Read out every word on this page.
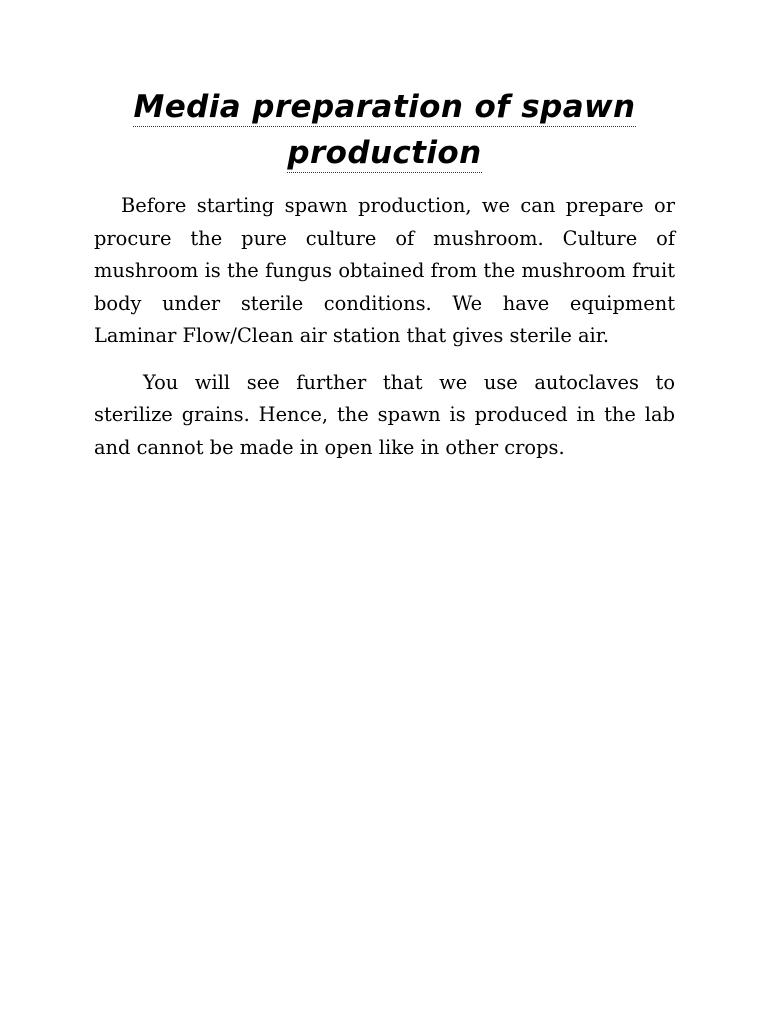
Media preparation of spawn
production

Before starting spawn production, we can prepare or procure the pure culture of mushroom. Culture of mushroom is the fungus obtained from the mushroom fruit body under sterile conditions. We have equipment Laminar Flow/Clean air station that gives sterile air.

You will see further that we use autoclaves to sterilize grains. Hence, the spawn is produced in the lab and cannot be made in open like in other crops.
